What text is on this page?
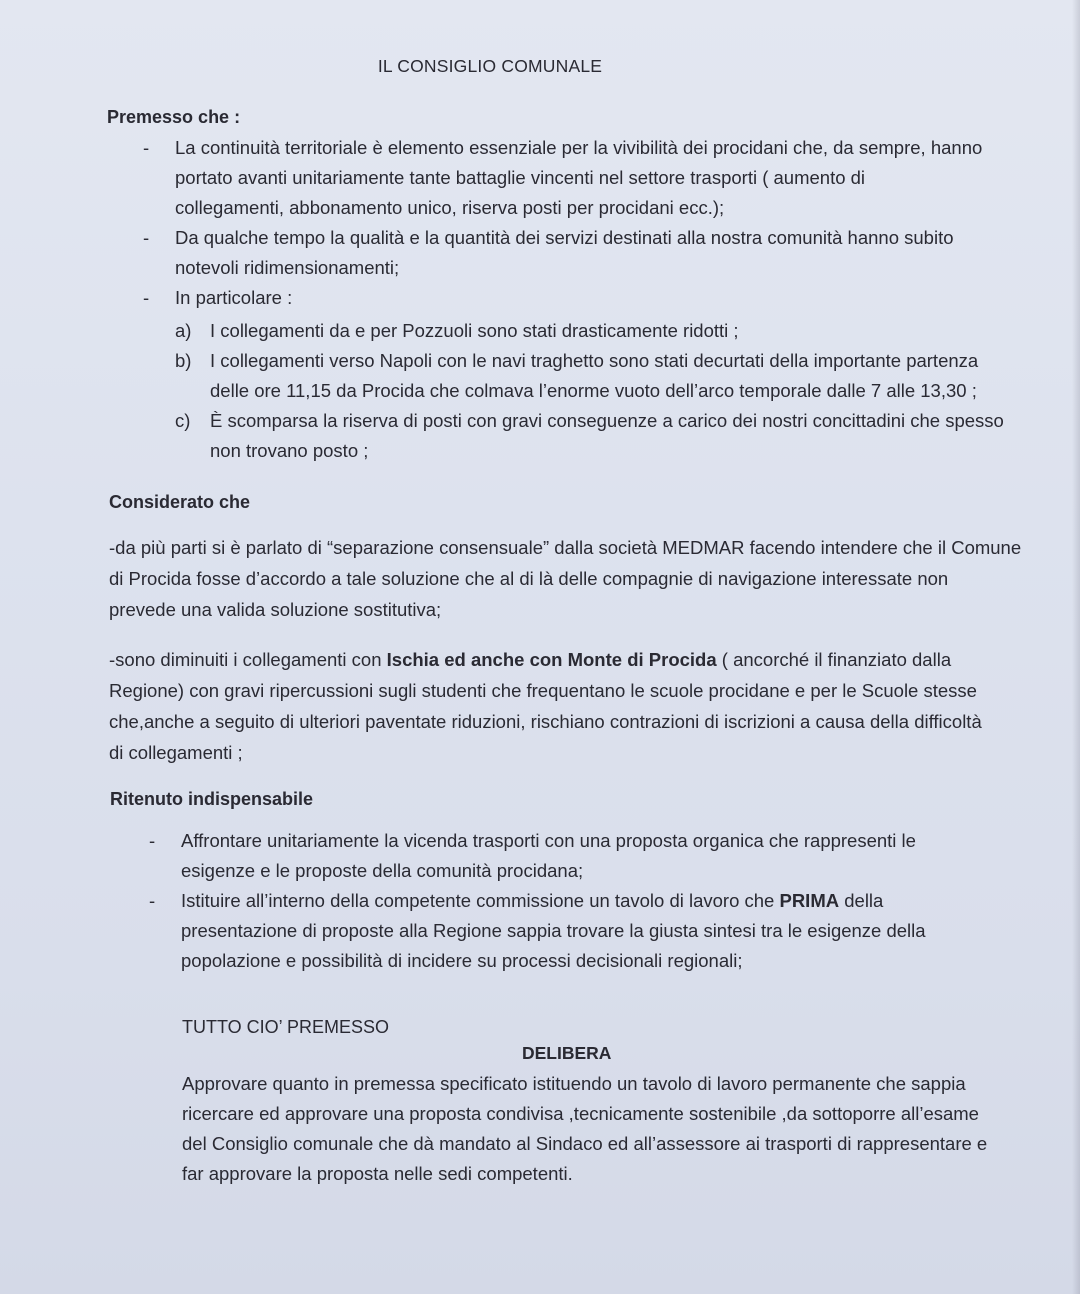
IL CONSIGLIO COMUNALE
Premesso che :
- La continuità territoriale è elemento essenziale per la vivibilità dei procidani che, da sempre, hanno
portato avanti unitariamente tante battaglie vincenti nel settore trasporti ( aumento di
collegamenti, abbonamento unico, riserva posti per procidani ecc.);
- Da qualche tempo la qualità e la quantità dei servizi destinati alla nostra comunità hanno subito
notevoli ridimensionamenti;
- In particolare :
a) I collegamenti da e per Pozzuoli sono stati drasticamente ridotti ;
b) I collegamenti verso Napoli con le navi traghetto sono stati decurtati della importante partenza
delle ore 11,15 da Procida che colmava l’enorme vuoto dell’arco temporale dalle 7 alle 13,30 ;
c) È scomparsa la riserva di posti con gravi conseguenze a carico dei nostri concittadini che spesso
non trovano posto ;
Considerato che

-da più parti si è parlato di “separazione consensuale” dalla società MEDMAR facendo intendere che il Comune
di Procida fosse d’accordo a tale soluzione che al di là delle compagnie di navigazione interessate non
prevede una valida soluzione sostitutiva;

-sono diminuiti i collegamenti con Ischia ed anche con Monte di Procida ( ancorché il finanziato dalla
Regione) con gravi ripercussioni sugli studenti che frequentano le scuole procidane e per le Scuole stesse
che,anche a seguito di ulteriori paventate riduzioni, rischiano contrazioni di iscrizioni a causa della difficoltà
di collegamenti ;

Ritenuto indispensabile
- Affrontare unitariamente la vicenda trasporti con una proposta organica che rappresenti le
esigenze e le proposte della comunità procidana;
- Istituire all’interno della competente commissione un tavolo di lavoro che PRIMA della
presentazione di proposte alla Regione sappia trovare la giusta sintesi tra le esigenze della
popolazione e possibilità di incidere su processi decisionali regionali;
TUTTO CIO’ PREMESSO
DELIBERA

Approvare quanto in premessa specificato istituendo un tavolo di lavoro permanente che sappia
ricercare ed approvare una proposta condivisa ,tecnicamente sostenibile ,da sottoporre all’esame
del Consiglio comunale che dà mandato al Sindaco ed all’assessore ai trasporti di rappresentare e
far approvare la proposta nelle sedi competenti.
